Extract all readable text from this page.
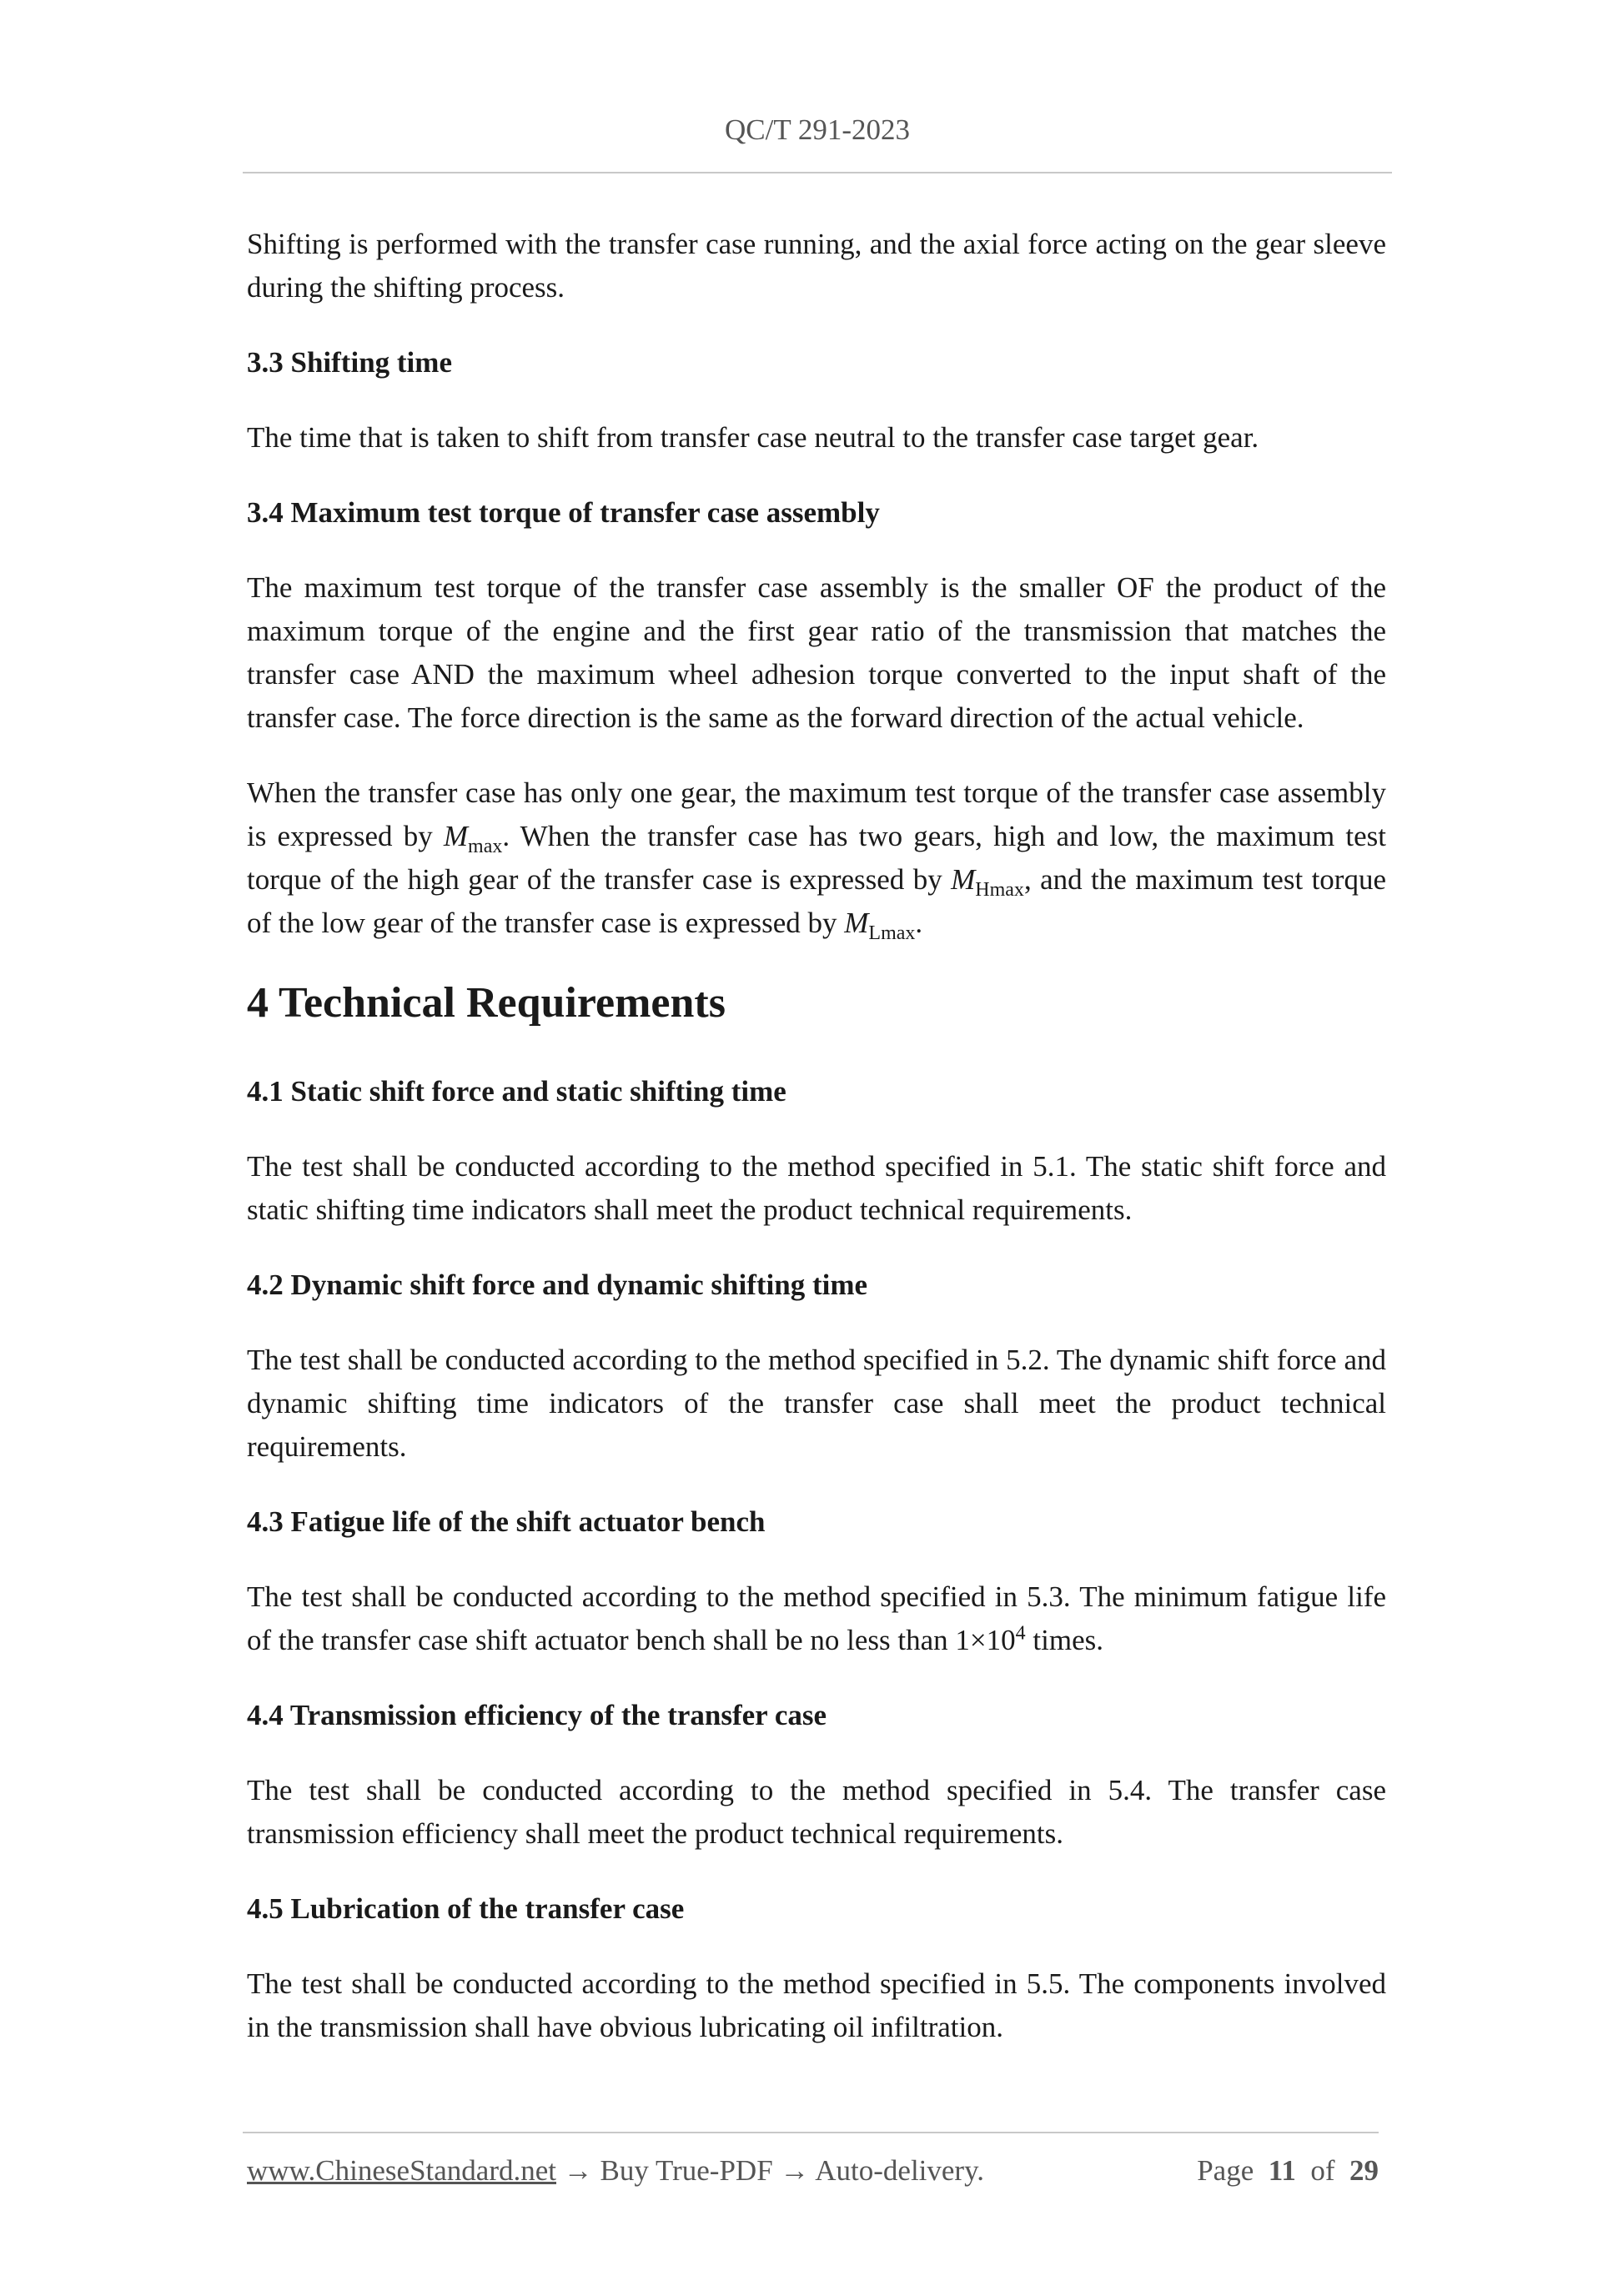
QC/T 291-2023

Shifting is performed with the transfer case running, and the axial force acting on the gear sleeve during the shifting process.

3.3 Shifting time

The time that is taken to shift from transfer case neutral to the transfer case target gear.

3.4 Maximum test torque of transfer case assembly

The maximum test torque of the transfer case assembly is the smaller OF the product of the maximum torque of the engine and the first gear ratio of the transmission that matches the transfer case AND the maximum wheel adhesion torque converted to the input shaft of the transfer case. The force direction is the same as the forward direction of the actual vehicle.

When the transfer case has only one gear, the maximum test torque of the transfer case assembly is expressed by $M_{max}$. When the transfer case has two gears, high and low, the maximum test torque of the high gear of the transfer case is expressed by $M_{Hmax}$, and the maximum test torque of the low gear of the transfer case is expressed by $M_{Lmax}$.

4 Technical Requirements
4.1 Static shift force and static shifting time

The test shall be conducted according to the method specified in 5.1. The static shift force and static shifting time indicators shall meet the product technical requirements.

4.2 Dynamic shift force and dynamic shifting time

The test shall be conducted according to the method specified in 5.2. The dynamic shift force and dynamic shifting time indicators of the transfer case shall meet the product technical requirements.

4.3 Fatigue life of the shift actuator bench

The test shall be conducted according to the method specified in 5.3. The minimum fatigue life of the transfer case shift actuator bench shall be no less than $1\times 10^4$ times.

4.4 Transmission efficiency of the transfer case

The test shall be conducted according to the method specified in 5.4. The transfer case transmission efficiency shall meet the product technical requirements.

4.5 Lubrication of the transfer case

The test shall be conducted according to the method specified in 5.5. The components involved in the transmission shall have obvious lubricating oil infiltration.

www.ChineseStandard.net → Buy True-PDF → Auto-delivery.	Page 11 of 29
